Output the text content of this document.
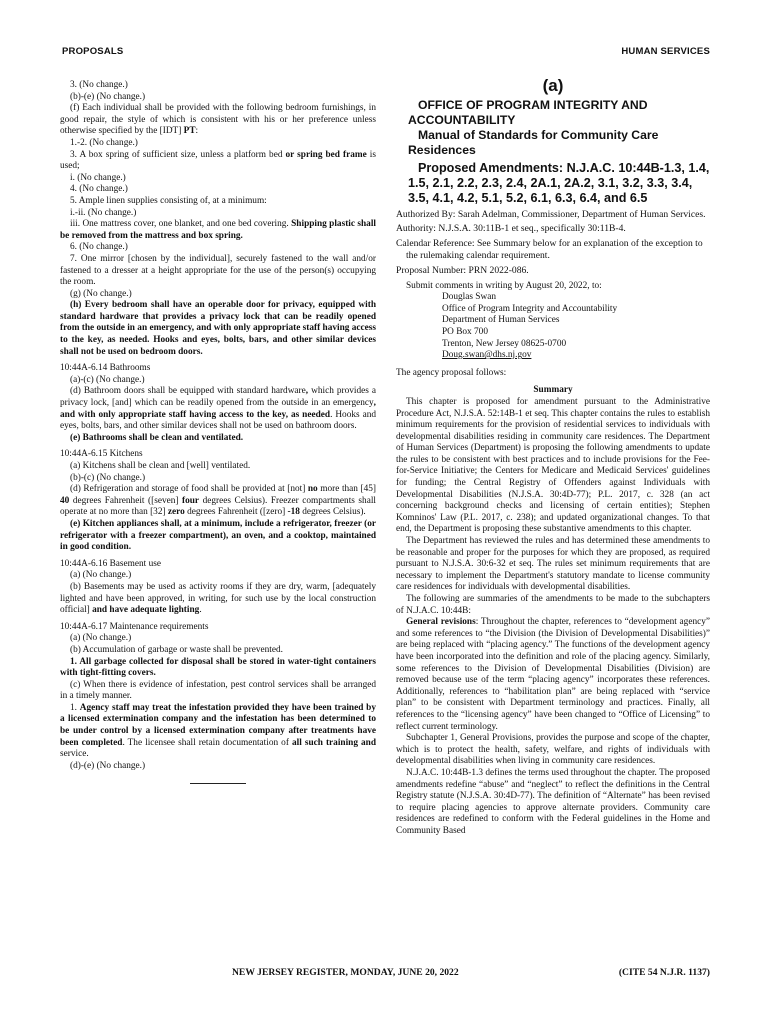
PROPOSALS	HUMAN SERVICES

3. (No change.)

(b)-(e) (No change.)

(f) Each individual shall be provided with the following bedroom furnishings, in good repair, the style of which is consistent with his or her preference unless otherwise specified by the [IDT] PT:

1.-2. (No change.)

3. A box spring of sufficient size, unless a platform bed or spring bed frame is used;

i. (No change.)

4. (No change.)

5. Ample linen supplies consisting of, at a minimum:

i.-ii. (No change.)

iii. One mattress cover, one blanket, and one bed covering. Shipping plastic shall be removed from the mattress and box spring.

6. (No change.)

7. One mirror [chosen by the individual], securely fastened to the wall and/or fastened to a dresser at a height appropriate for the use of the person(s) occupying the room.

(g) (No change.)

(h) Every bedroom shall have an operable door for privacy, equipped with standard hardware that provides a privacy lock that can be readily opened from the outside in an emergency, and with only appropriate staff having access to the key, as needed. Hooks and eyes, bolts, bars, and other similar devices shall not be used on bedroom doors.

10:44A-6.14 Bathrooms

(a)-(c) (No change.)

(d) Bathroom doors shall be equipped with standard hardware, which provides a privacy lock, [and] which can be readily opened from the outside in an emergency, and with only appropriate staff having access to the key, as needed. Hooks and eyes, bolts, bars, and other similar devices shall not be used on bathroom doors.

(e) Bathrooms shall be clean and ventilated.

10:44A-6.15 Kitchens

(a) Kitchens shall be clean and [well] ventilated.

(b)-(c) (No change.)

(d) Refrigeration and storage of food shall be provided at [not] no more than [45] 40 degrees Fahrenheit ([seven] four degrees Celsius). Freezer compartments shall operate at no more than [32] zero degrees Fahrenheit ([zero] -18 degrees Celsius).

(e) Kitchen appliances shall, at a minimum, include a refrigerator, freezer (or refrigerator with a freezer compartment), an oven, and a cooktop, maintained in good condition.

10:44A-6.16 Basement use

(a) (No change.)

(b) Basements may be used as activity rooms if they are dry, warm, [adequately lighted and have been approved, in writing, for such use by the local construction official] and have adequate lighting.

10:44A-6.17 Maintenance requirements

(a) (No change.)

(b) Accumulation of garbage or waste shall be prevented.

1. All garbage collected for disposal shall be stored in water-tight containers with tight-fitting covers.

(c) When there is evidence of infestation, pest control services shall be arranged in a timely manner.

1. Agency staff may treat the infestation provided they have been trained by a licensed extermination company and the infestation has been determined to be under control by a licensed extermination company after treatments have been completed. The licensee shall retain documentation of all such training and service.

(d)-(e) (No change.)

(a)

OFFICE OF PROGRAM INTEGRITY AND ACCOUNTABILITY

Manual of Standards for Community Care Residences

Proposed Amendments: N.J.A.C. 10:44B-1.3, 1.4, 1.5, 2.1, 2.2, 2.3, 2.4, 2A.1, 2A.2, 3.1, 3.2, 3.3, 3.4, 3.5, 4.1, 4.2, 5.1, 5.2, 6.1, 6.3, 6.4, and 6.5

Authorized By: Sarah Adelman, Commissioner, Department of Human Services.

Authority: N.J.S.A. 30:11B-1 et seq., specifically 30:11B-4.

Calendar Reference: See Summary below for an explanation of the exception to the rulemaking calendar requirement.

Proposal Number: PRN 2022-086.

Submit comments in writing by August 20, 2022, to:

Douglas Swan

Office of Program Integrity and Accountability

Department of Human Services

PO Box 700

Trenton, New Jersey 08625-0700

Doug.swan@dhs.nj.gov

The agency proposal follows:

Summary

This chapter is proposed for amendment pursuant to the Administrative Procedure Act, N.J.S.A. 52:14B-1 et seq. This chapter contains the rules to establish minimum requirements for the provision of residential services to individuals with developmental disabilities residing in community care residences. The Department of Human Services (Department) is proposing the following amendments to update the rules to be consistent with best practices and to include provisions for the Fee-for-Service Initiative; the Centers for Medicare and Medicaid Services' guidelines for funding; the Central Registry of Offenders against Individuals with Developmental Disabilities (N.J.S.A. 30:4D-77); P.L. 2017, c. 328 (an act concerning background checks and licensing of certain entities); Stephen Komninos' Law (P.L. 2017, c. 238); and updated organizational changes. To that end, the Department is proposing these substantive amendments to this chapter.

The Department has reviewed the rules and has determined these amendments to be reasonable and proper for the purposes for which they are proposed, as required pursuant to N.J.S.A. 30:6-32 et seq. The rules set minimum requirements that are necessary to implement the Department's statutory mandate to license community care residences for individuals with developmental disabilities.

The following are summaries of the amendments to be made to the subchapters of N.J.A.C. 10:44B:

General revisions: Throughout the chapter, references to “development agency” and some references to “the Division (the Division of Developmental Disabilities)” are being replaced with “placing agency.” The functions of the development agency have been incorporated into the definition and role of the placing agency. Similarly, some references to the Division of Developmental Disabilities (Division) are removed because use of the term “placing agency” incorporates these references. Additionally, references to “habilitation plan” are being replaced with “service plan” to be consistent with Department terminology and practices. Finally, all references to the “licensing agency” have been changed to “Office of Licensing” to reflect current terminology.

Subchapter 1, General Provisions, provides the purpose and scope of the chapter, which is to protect the health, safety, welfare, and rights of individuals with developmental disabilities when living in community care residences.

N.J.A.C. 10:44B-1.3 defines the terms used throughout the chapter. The proposed amendments redefine “abuse” and “neglect” to reflect the definitions in the Central Registry statute (N.J.S.A. 30:4D-77). The definition of “Alternate” has been revised to require placing agencies to approve alternate providers. Community care residences are redefined to conform with the Federal guidelines in the Home and Community Based

NEW JERSEY REGISTER, MONDAY, JUNE 20, 2022	(CITE 54 N.J.R. 1137)
